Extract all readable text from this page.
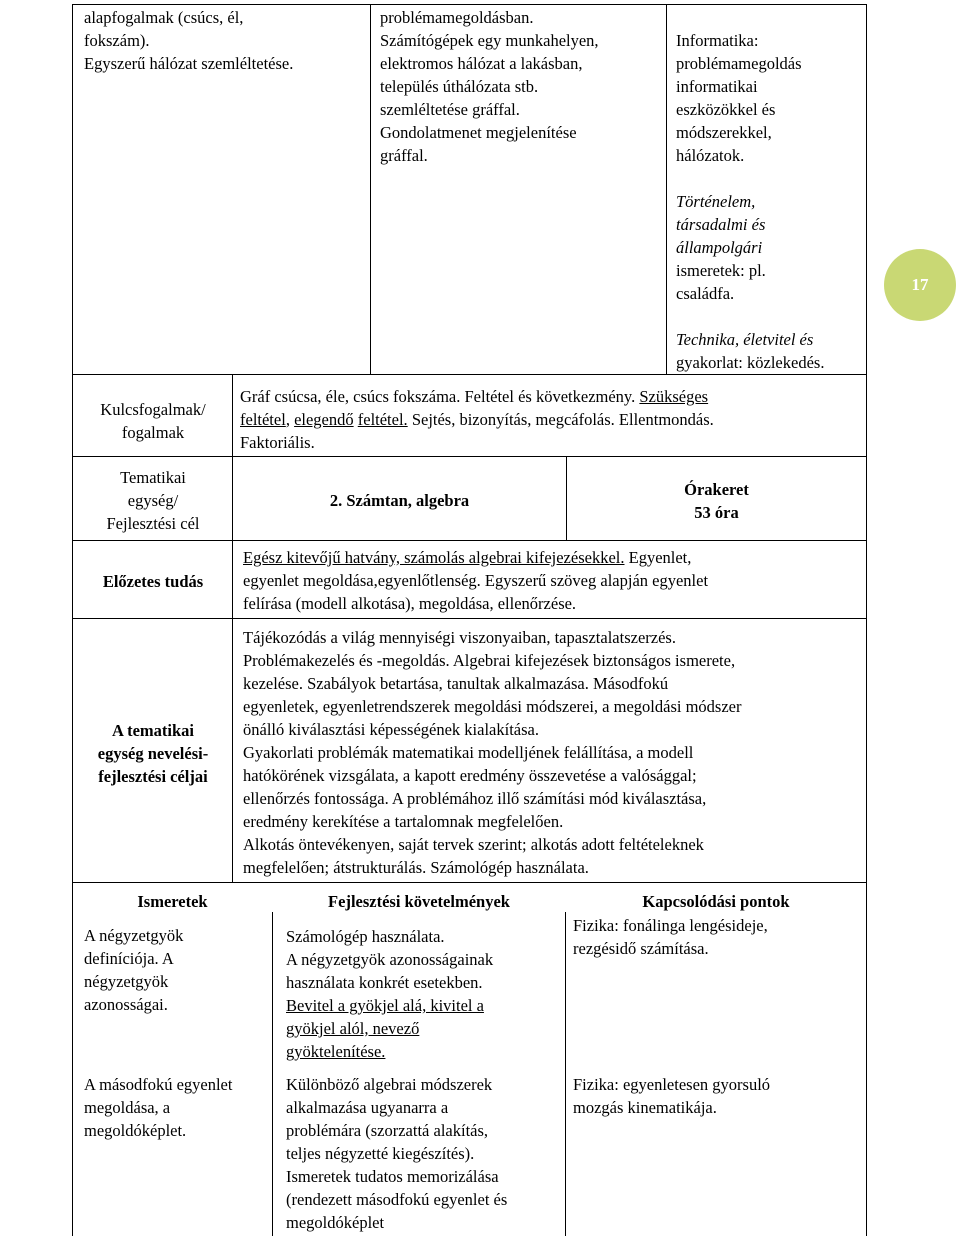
17
alapfogalmak (csúcs, él,
fokszám).
Egyszerű hálózat szemléltetése.
problémamegoldásban.
Számítógépek egy munkahelyen,
elektromos hálózat a lakásban,
település úthálózata stb.
szemléltetése gráffal.
Gondolatmenet megjelenítése
gráffal.
Informatika:
problémamegoldás
informatikai
eszközökkel és
módszerekkel,
hálózatok.
Történelem,
társadalmi és
állampolgári
ismeretek: pl.
családfa.
Technika, életvitel és
gyakorlat: közlekedés.
Kulcsfogalmak/
fogalmak
Gráf csúcsa, éle, csúcs fokszáma. Feltétel és következmény. Szükséges
feltétel, elegendő feltétel. Sejtés, bizonyítás, megcáfolás. Ellentmondás.
Faktoriális.
Tematikai
egység/
Fejlesztési cél
2. Számtan, algebra
Órakeret
53 óra
Előzetes tudás
Egész kitevőjű hatvány, számolás algebrai kifejezésekkel. Egyenlet,
egyenlet megoldása,egyenlőtlenség. Egyszerű szöveg alapján egyenlet
felírása (modell alkotása), megoldása, ellenőrzése.
A tematikai
egység nevelési-
fejlesztési céljai
Tájékozódás a világ mennyiségi viszonyaiban, tapasztalatszerzés.
Problémakezelés és -megoldás. Algebrai kifejezések biztonságos ismerete,
kezelése. Szabályok betartása, tanultak alkalmazása. Másodfokú
egyenletek, egyenletrendszerek megoldási módszerei, a megoldási módszer
önálló kiválasztási képességének kialakítása.
Gyakorlati problémák matematikai modelljének felállítása, a modell
hatókörének vizsgálata, a kapott eredmény összevetése a valósággal;
ellenőrzés fontossága. A problémához illő számítási mód kiválasztása,
eredmény kerekítése a tartalomnak megfelelően.
Alkotás öntevékenyen, saját tervek szerint; alkotás adott feltételeknek
megfelelően; átstrukturálás. Számológép használata.
Ismeretek	Fejlesztési követelmények	Kapcsolódási pontok
A négyzetgyök
definíciója. A
négyzetgyök
azonosságai.
Számológép használata.
A négyzetgyök azonosságainak
használata konkrét esetekben.
Bevitel a gyökjel alá, kivitel a
gyökjel alól, nevező
gyöktelenítése.
Fizika: fonálinga lengésideje,
rezgésidő számítása.
A másodfokú egyenlet
megoldása, a
megoldóképlet.
Különböző algebrai módszerek
alkalmazása ugyanarra a
problémára (szorzattá alakítás,
teljes négyzetté kiegészítés).
Ismeretek tudatos memorizálása
(rendezett másodfokú egyenlet és
megoldóképlet
Fizika: egyenletesen gyorsuló
mozgás kinematikája.
